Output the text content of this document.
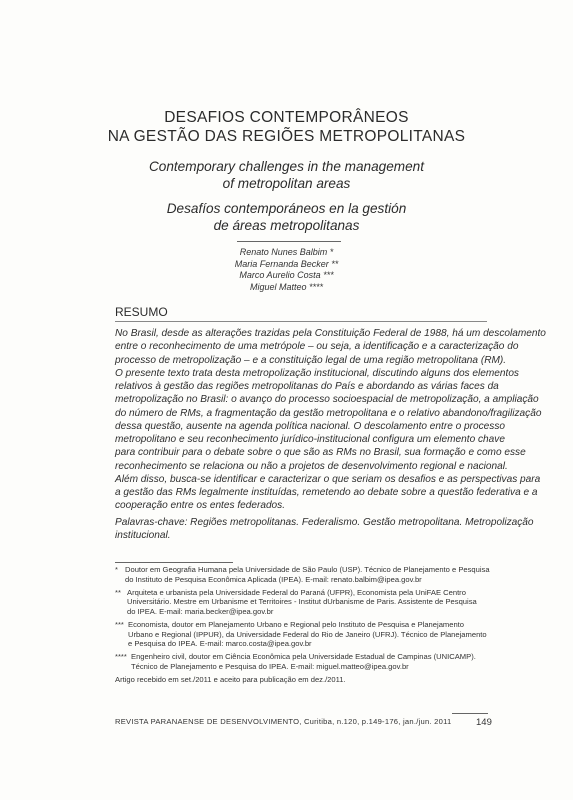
DESAFIOS CONTEMPORÂNEOS
NA GESTÃO DAS REGIÕES METROPOLITANAS
Contemporary challenges in the management
of metropolitan areas
Desafíos contemporáneos en la gestión
de áreas metropolitanas
Renato Nunes Balbim *
Maria Fernanda Becker **
Marco Aurelio Costa ***
Miguel Matteo ****
RESUMO
No Brasil, desde as alterações trazidas pela Constituição Federal de 1988, há um descolamento
entre o reconhecimento de uma metrópole – ou seja, a identificação e a caracterização do
processo de metropolização – e a constituição legal de uma região metropolitana (RM).
O presente texto trata desta metropolização institucional, discutindo alguns dos elementos
relativos à gestão das regiões metropolitanas do País e abordando as várias faces da
metropolização no Brasil: o avanço do processo socioespacial de metropolização, a ampliação
do número de RMs, a fragmentação da gestão metropolitana e o relativo abandono/fragilização
dessa questão, ausente na agenda política nacional. O descolamento entre o processo
metropolitano e seu reconhecimento jurídico-institucional configura um elemento chave
para contribuir para o debate sobre o que são as RMs no Brasil, sua formação e como esse
reconhecimento se relaciona ou não a projetos de desenvolvimento regional e nacional.
Além disso, busca-se identificar e caracterizar o que seriam os desafios e as perspectivas para
a gestão das RMs legalmente instituídas, remetendo ao debate sobre a questão federativa e a
cooperação entre os entes federados.
Palavras-chave: Regiões metropolitanas. Federalismo. Gestão metropolitana. Metropolização
institucional.
* Doutor em Geografia Humana pela Universidade de São Paulo (USP). Técnico de Planejamento e Pesquisa
do Instituto de Pesquisa Econômica Aplicada (IPEA). E-mail: renato.balbim@ipea.gov.br
** Arquiteta e urbanista pela Universidade Federal do Paraná (UFPR), Economista pela UniFAE Centro
Universitário. Mestre em Urbanisme et Territoires - Institut dUrbanisme de Paris. Assistente de Pesquisa
do IPEA. E-mail: maria.becker@ipea.gov.br
*** Economista, doutor em Planejamento Urbano e Regional pelo Instituto de Pesquisa e Planejamento
Urbano e Regional (IPPUR), da Universidade Federal do Rio de Janeiro (UFRJ). Técnico de Planejamento
e Pesquisa do IPEA. E-mail: marco.costa@ipea.gov.br
**** Engenheiro civil, doutor em Ciência Econômica pela Universidade Estadual de Campinas (UNICAMP).
Técnico de Planejamento e Pesquisa do IPEA. E-mail: miguel.matteo@ipea.gov.br
Artigo recebido em set./2011 e aceito para publicação em dez./2011.
REVISTA PARANAENSE DE DESENVOLVIMENTO, Curitiba, n.120, p.149-176, jan./jun. 2011	149
